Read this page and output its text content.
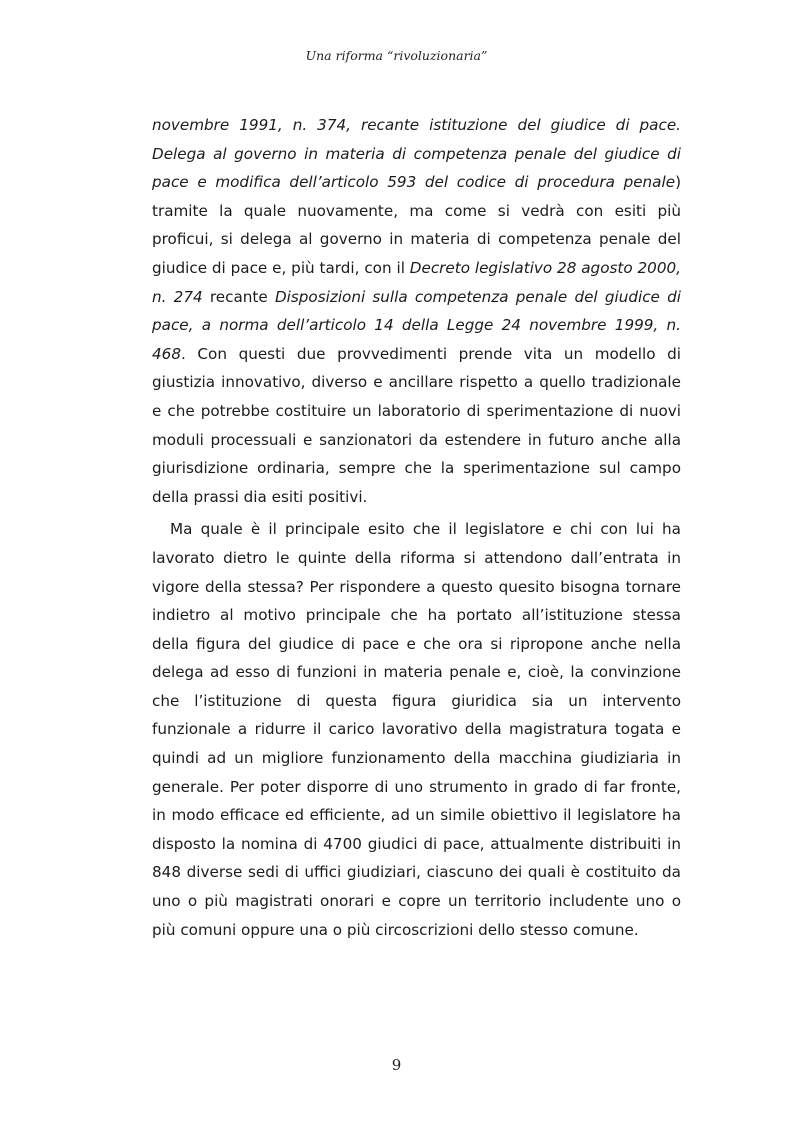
Una riforma “rivoluzionaria”

novembre 1991, n. 374, recante istituzione del giudice di pace. Delega al governo in materia di competenza penale del giudice di pace e modifica dell’articolo 593 del codice di procedura penale) tramite la quale nuovamente, ma come si vedrà con esiti più proficui, si delega al governo in materia di competenza penale del giudice di pace e, più tardi, con il Decreto legislativo 28 agosto 2000, n. 274 recante Disposizioni sulla competenza penale del giudice di pace, a norma dell’articolo 14 della Legge 24 novembre 1999, n. 468. Con questi due provvedimenti prende vita un modello di giustizia innovativo, diverso e ancillare rispetto a quello tradizionale e che potrebbe costituire un laboratorio di sperimentazione di nuovi moduli processuali e sanzionatori da estendere in futuro anche alla giurisdizione ordinaria, sempre che la sperimentazione sul campo della prassi dia esiti positivi.

Ma quale è il principale esito che il legislatore e chi con lui ha lavorato dietro le quinte della riforma si attendono dall’entrata in vigore della stessa? Per rispondere a questo quesito bisogna tornare indietro al motivo principale che ha portato all’istituzione stessa della figura del giudice di pace e che ora si ripropone anche nella delega ad esso di funzioni in materia penale e, cioè, la convinzione che l’istituzione di questa figura giuridica sia un intervento funzionale a ridurre il carico lavorativo della magistratura togata e quindi ad un migliore funzionamento della macchina giudiziaria in generale. Per poter disporre di uno strumento in grado di far fronte, in modo efficace ed efficiente, ad un simile obiettivo il legislatore ha disposto la nomina di 4700 giudici di pace, attualmente distribuiti in 848 diverse sedi di uffici giudiziari, ciascuno dei quali è costituito da uno o più magistrati onorari e copre un territorio includente uno o più comuni oppure una o più circoscrizioni dello stesso comune.

9
